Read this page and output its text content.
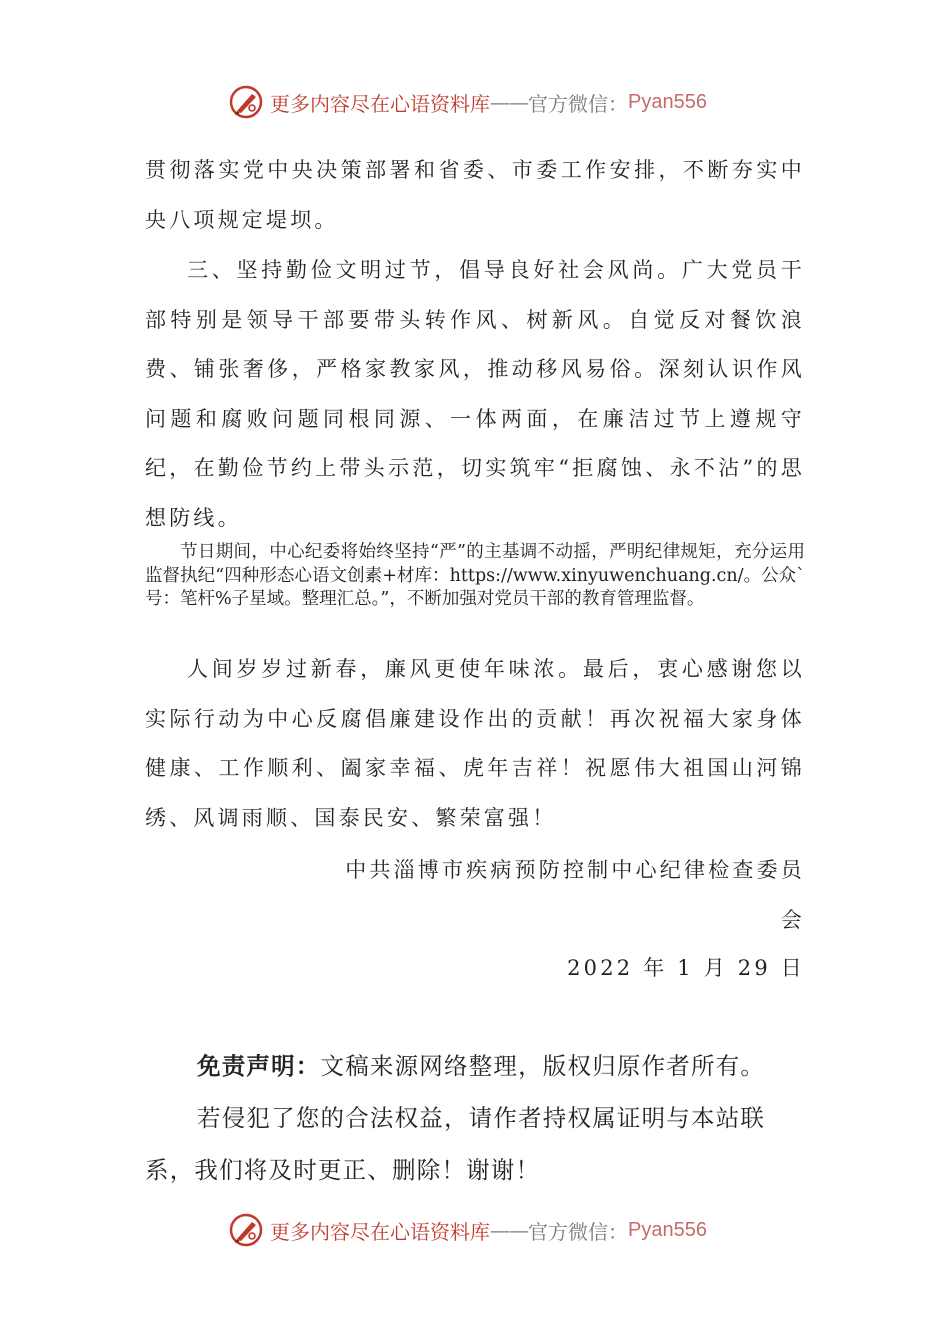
更多内容尽在心语资料库 —— 官方微信： Pyan556

贯彻落实党中央决策部署和省委、市委工作安排，不断夯实中央八项规定堤坝。

三、坚持勤俭文明过节，倡导良好社会风尚。广大党员干部特别是领导干部要带头转作风、树新风。自觉反对餐饮浪费、铺张奢侈，严格家教家风，推动移风易俗。深刻认识作风问题和腐败问题同根同源、一体两面，在廉洁过节上遵规守纪，在勤俭节约上带头示范，切实筑牢“拒腐蚀、永不沾”的思想防线。

节日期间，中心纪委将始终坚持“严”的主基调不动摇，严明纪律规矩，充分运用监督执纪“四种形态心语文创素+材库：https://www.xinyuwenchuang.cn/。公众`号：笔杆%子星域。整理汇总。”，不断加强对党员干部的教育管理监督。

人间岁岁过新春，廉风更使年味浓。最后，衷心感谢您以实际行动为中心反腐倡廉建设作出的贡献！再次祝福大家身体健康、工作顺利、阖家幸福、虎年吉祥！祝愿伟大祖国山河锦绣、风调雨顺、国泰民安、繁荣富强！

中共淄博市疾病预防控制中心纪律检查委员会

2022 年 1 月 29 日

免责声明：文稿来源网络整理，版权归原作者所有。

若侵犯了您的合法权益，请作者持权属证明与本站联系，我们将及时更正、删除！谢谢！

更多内容尽在心语资料库 —— 官方微信： Pyan556
